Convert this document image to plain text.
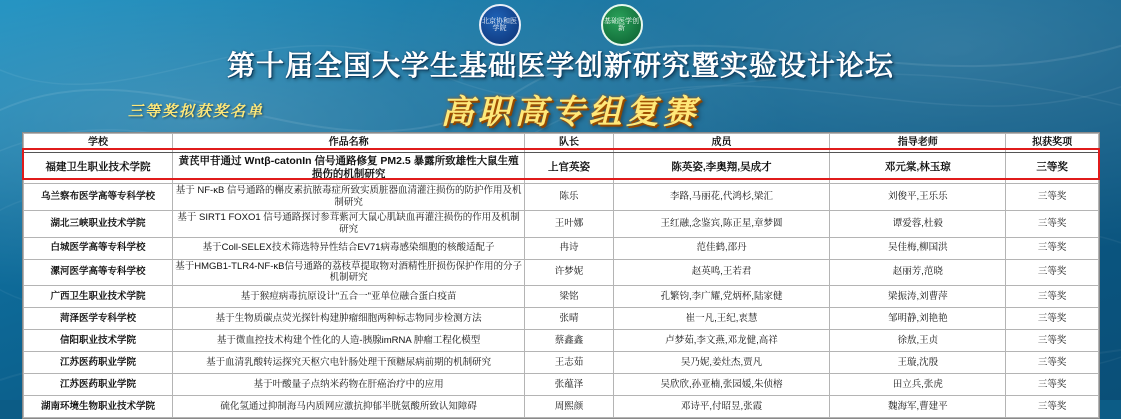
北京协和医学院
基础医学创新
第十届全国大学生基础医学创新研究暨实验设计论坛
高职高专组复赛
三等奖拟获奖名单
学校	作品名称	队长	成员	指导老师	拟获奖项
福建卫生职业技术学院	黄芪甲苷通过 Wntβ-catonIn 信号通路修复 PM2.5 暴露所致雄性大鼠生殖损伤的机制研究	上官英姿	陈英姿,李奥翔,吴成才	邓元棠,林玉琼	三等奖
乌兰察布医学高等专科学校	基于 NF-κB 信号通路的槲皮素抗脓毒症所致实质脏器血清灌注损伤的防护作用及机制研究	陈乐	李路,马丽花,代鸿杉,梁汇	刘俊平,王乐乐	三等奖
湖北三峡职业技术学院	基于 SIRT1 FOXO1 信号通路探讨参茸紫河大鼠心肌缺血再灌注损伤的作用及机制研究	王叶娜	王红融,念鉴宾,陈正星,章梦圆	谭爱蓉,杜毅	三等奖
白城医学高等专科学校	基于Coll-SELEX技术筛选特异性结合EV71病毒感染细胞的核酸适配子	冉诗	范佳鹤,邵丹	吴佳梅,柳国洪	三等奖
漯河医学高等专科学校	基于HMGB1-TLR4-NF-κB信号通路的荔枝草提取物对酒精性肝损伤保护作用的分子机制研究	许梦妮	赵英鸣,王若君	赵丽芳,范晓	三等奖
广西卫生职业技术学院	基于猴痘病毒抗原设计"五合一"亚单位融合蛋白疫苗	梁铭	孔繁钧,李广耀,党炳杯,陆家健	梁振涛,刘曹萍	三等奖
菏泽医学专科学校	基于生物质碳点荧光探针构建肿瘤细胞两种标志物同步检测方法	张晴	崔一凡,王纪,衷慧	邹明静,刘艳艳	三等奖
信阳职业技术学院	基于微血控技术构建个性化的人造-胰腺imRNA 肿瘤工程化模型	蔡鑫鑫	卢梦茹,李文燕,邓龙健,高祥	徐敖,王贞	三等奖
江苏医药职业学院	基于血清乳酸转运探究天枢穴电针肠处理干预糖尿病前期的机制研究	王志茹	吴乃妮,姜灶杰,贾凡	王璇,沈殷	三等奖
江苏医药职业学院	基于叶酸量子点纳米药物在肝癌治疗中的应用	张蕴泽	吴欣欣,孙亚楠,张园媛,朱侦榕	田立兵,张虎	三等奖
湖南环境生物职业技术学院	硫化氢通过抑制海马内质网应激抗抑郁半胱氨酸所致认知障碍	周熙颜	邓诗平,付昭昱,张霞	魏海军,曹建平	三等奖
